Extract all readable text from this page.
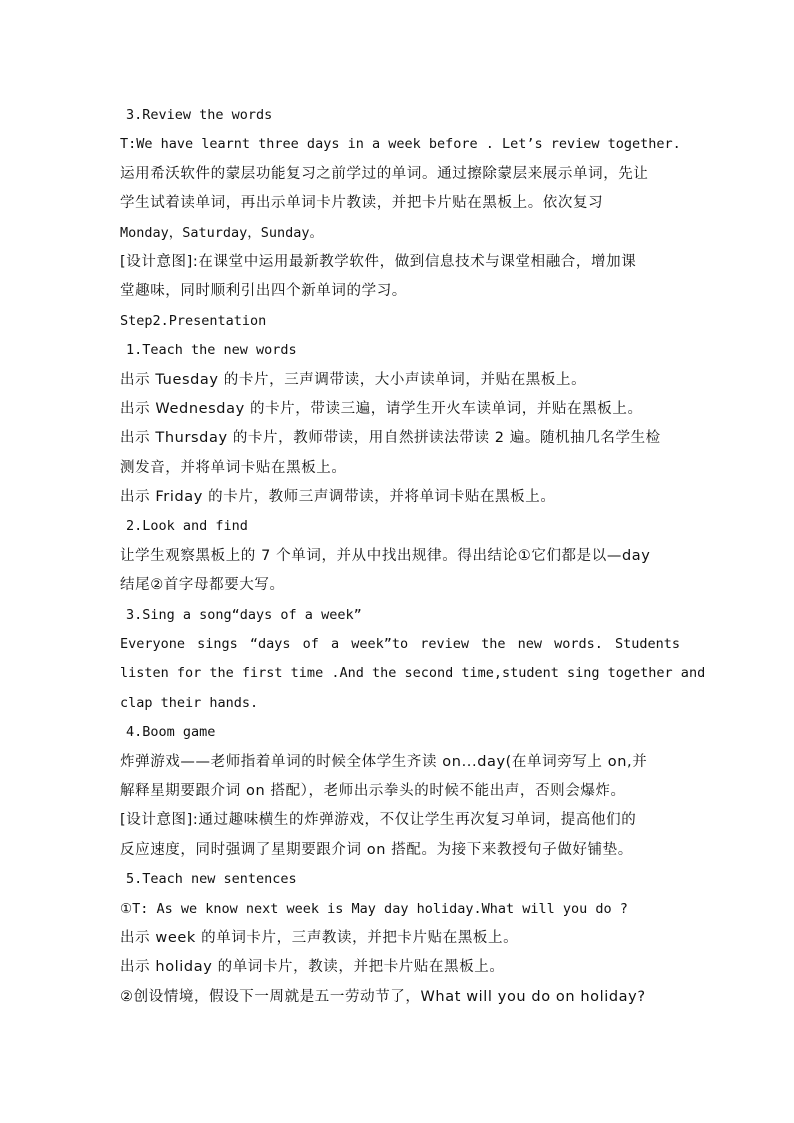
3.Review the words
T:We have learnt three days in a week before . Let’s review together.
运用希沃软件的蒙层功能复习之前学过的单词。通过擦除蒙层来展示单词，先让
学生试着读单词，再出示单词卡片教读，并把卡片贴在黑板上。依次复习
Monday，Saturday，Sunday。
[设计意图]:在课堂中运用最新教学软件，做到信息技术与课堂相融合，增加课
堂趣味，同时顺利引出四个新单词的学习。
Step2.Presentation
1.Teach the new words
出示 Tuesday 的卡片，三声调带读，大小声读单词，并贴在黑板上。
出示 Wednesday 的卡片，带读三遍，请学生开火车读单词，并贴在黑板上。
出示 Thursday 的卡片，教师带读，用自然拼读法带读 2 遍。随机抽几名学生检
测发音，并将单词卡贴在黑板上。
出示 Friday 的卡片，教师三声调带读，并将单词卡贴在黑板上。
2.Look and find
让学生观察黑板上的 7 个单词，并从中找出规律。得出结论①它们都是以—day
结尾②首字母都要大写。
3.Sing a song“days of a week”
Everyone sings “days of a week”to review the new words. Students
listen for the first time .And the second time,student sing together and
clap their hands.
4.Boom game
炸弹游戏——老师指着单词的时候全体学生齐读 on...day(在单词旁写上 on,并
解释星期要跟介词 on 搭配），老师出示拳头的时候不能出声，否则会爆炸。
[设计意图]:通过趣味横生的炸弹游戏，不仅让学生再次复习单词，提高他们的
反应速度，同时强调了星期要跟介词 on 搭配。为接下来教授句子做好铺垫。
5.Teach new sentences
①T: As we know next week is May day holiday.What will you do ?
出示 week 的单词卡片，三声教读，并把卡片贴在黑板上。
出示 holiday 的单词卡片，教读，并把卡片贴在黑板上。
②创设情境，假设下一周就是五一劳动节了，What will you do on holiday?
